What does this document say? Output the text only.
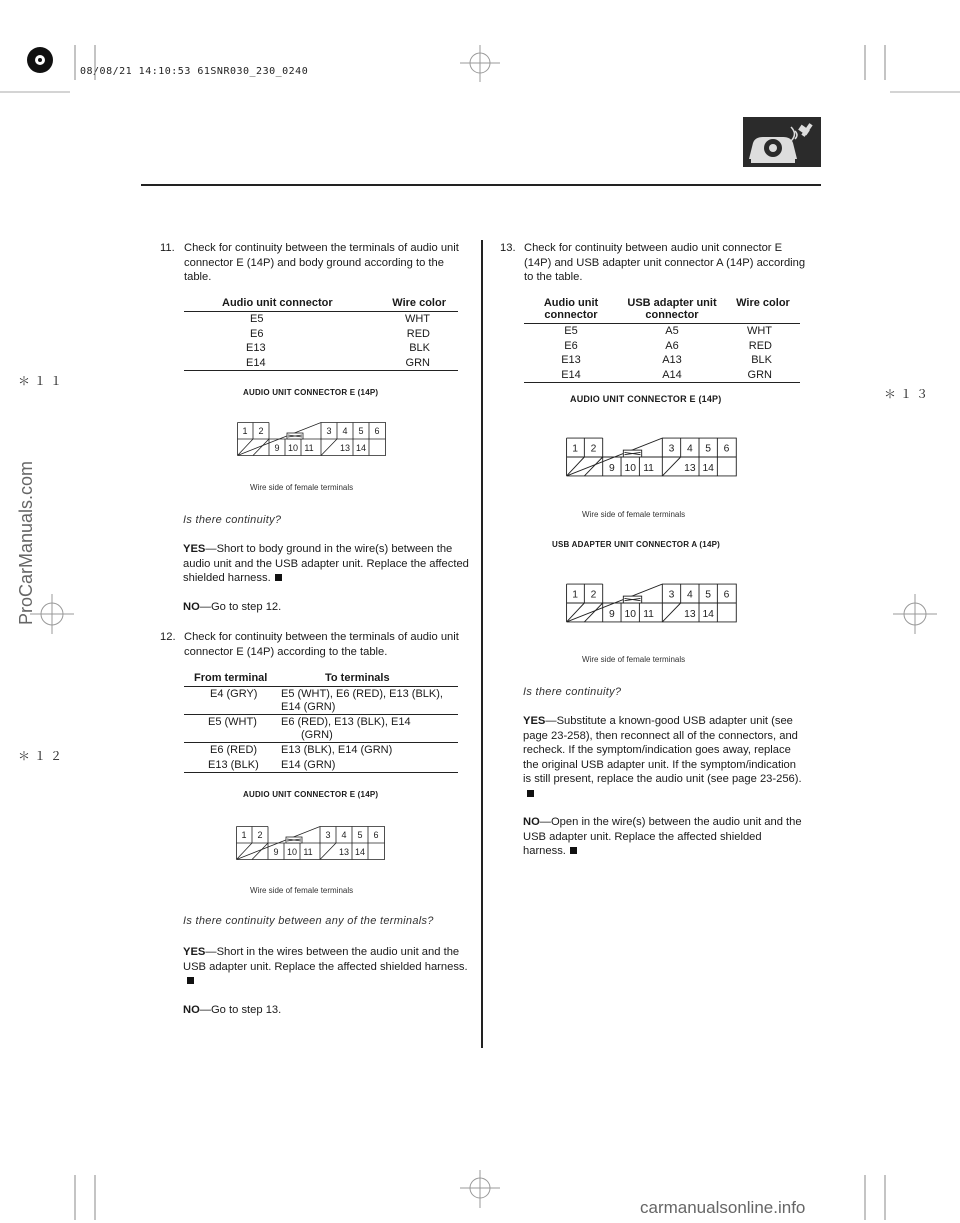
08/08/21 14:10:53 61SNR030_230_0240
＊１１
＊１２
＊１３
ProCarManuals.com
carmanualsonline.info
11. Check for continuity between the terminals of audio unit connector E (14P) and body ground according to the table.
Audio unit connector	Wire color
E5	WHT
E6	RED
E13	BLK
E14	GRN
AUDIO UNIT CONNECTOR E (14P)
1 2	3 4 5 6
9 10 11	13 14
Wire side of female terminals
Is there continuity?
YES—Short to body ground in the wire(s) between the audio unit and the USB adapter unit. Replace the affected shielded harness.
NO—Go to step 12.
12. Check for continuity between the terminals of audio unit connector E (14P) according to the table.
From terminal	To terminals
E4 (GRY)	E5 (WHT), E6 (RED), E13 (BLK),
E14 (GRN)
E5 (WHT)	E6 (RED), E13 (BLK), E14
(GRN)
E6 (RED)	E13 (BLK), E14 (GRN)
E13 (BLK)	E14 (GRN)
AUDIO UNIT CONNECTOR E (14P)
1 2	3 4 5 6
9 10 11	13 14
Wire side of female terminals
Is there continuity between any of the terminals?
YES—Short in the wires between the audio unit and the USB adapter unit. Replace the affected shielded harness.
NO—Go to step 13.
13. Check for continuity between audio unit connector E (14P) and USB adapter unit connector A (14P) according to the table.
Audio unit connector	USB adapter unit connector	Wire color
E5	A5	WHT
E6	A6	RED
E13	A13	BLK
E14	A14	GRN
AUDIO UNIT CONNECTOR E (14P)
1 2	3 4 5 6
9 10 11	13 14
Wire side of female terminals
USB ADAPTER UNIT CONNECTOR A (14P)
1 2	3 4 5 6
9 10 11	13 14
Wire side of female terminals
Is there continuity?
YES—Substitute a known-good USB adapter unit (see page 23-258), then reconnect all of the connectors, and recheck. If the symptom/indication goes away, replace the original USB adapter unit. If the symptom/indication is still present, replace the audio unit (see page 23-256).
NO—Open in the wire(s) between the audio unit and the USB adapter unit. Replace the affected shielded harness.
